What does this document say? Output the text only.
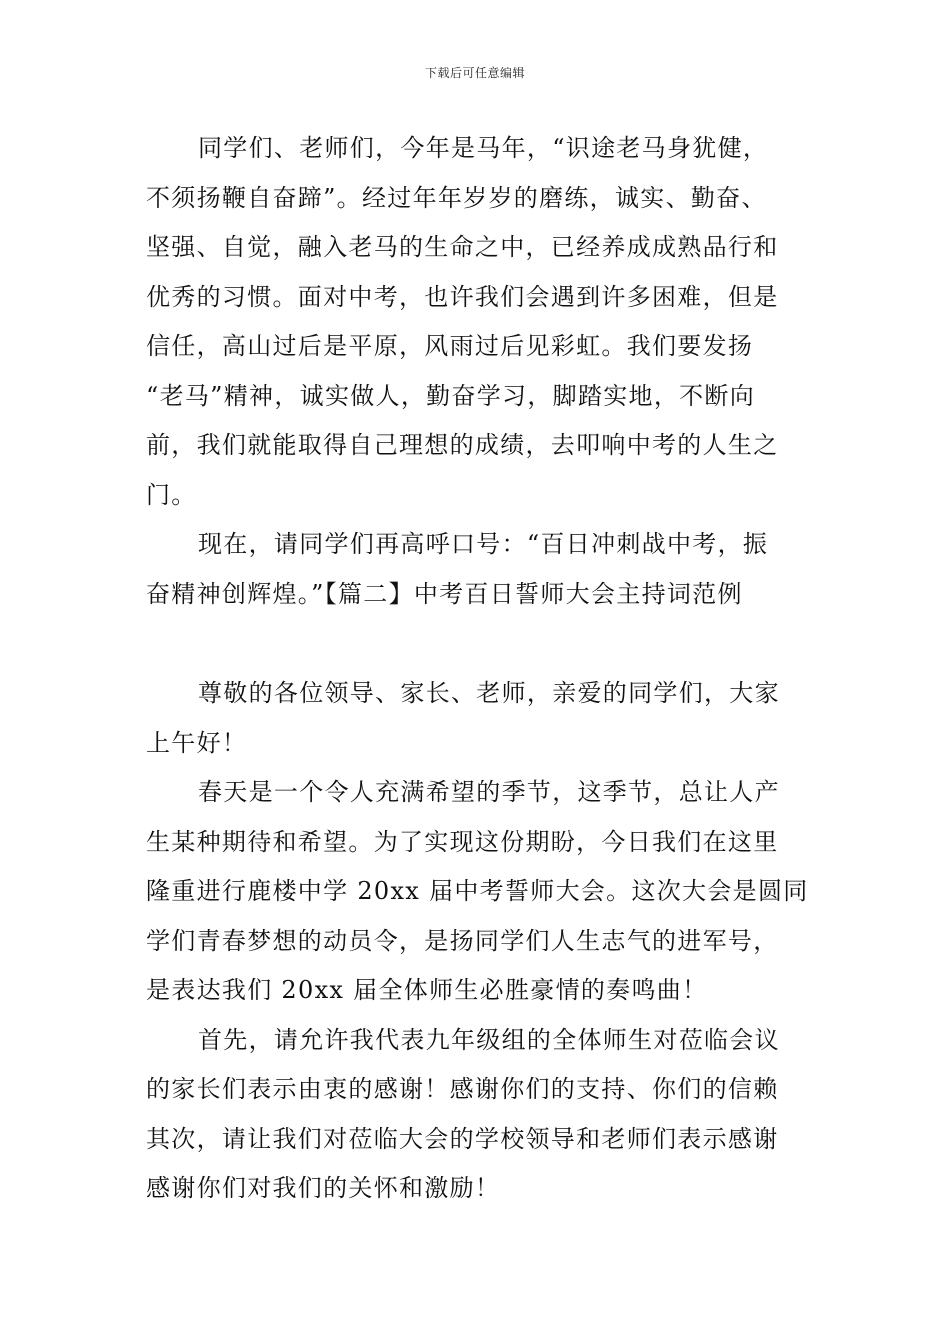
下载后可任意编辑
同学们、老师们，今年是马年，“识途老马身犹健，
不须扬鞭自奋蹄”。经过年年岁岁的磨练，诚实、勤奋、
坚强、自觉，融入老马的生命之中，已经养成成熟品行和
优秀的习惯。面对中考，也许我们会遇到许多困难，但是
信任，高山过后是平原，风雨过后见彩虹。我们要发扬
“老马”精神，诚实做人，勤奋学习，脚踏实地，不断向
前，我们就能取得自己理想的成绩，去叩响中考的人生之
门。
现在，请同学们再高呼口号：“百日冲刺战中考，振
奋精神创辉煌。”【篇二】中考百日誓师大会主持词范例
尊敬的各位领导、家长、老师，亲爱的同学们，大家
上午好！
春天是一个令人充满希望的季节，这季节，总让人产
生某种期待和希望。为了实现这份期盼，今日我们在这里
隆重进行鹿楼中学 20xx 届中考誓师大会。这次大会是圆同
学们青春梦想的动员令，是扬同学们人生志气的进军号，
是表达我们 20xx 届全体师生必胜豪情的奏鸣曲！
首先，请允许我代表九年级组的全体师生对莅临会议
的家长们表示由衷的感谢！感谢你们的支持、你们的信赖
其次，请让我们对莅临大会的学校领导和老师们表示感谢
感谢你们对我们的关怀和激励！
